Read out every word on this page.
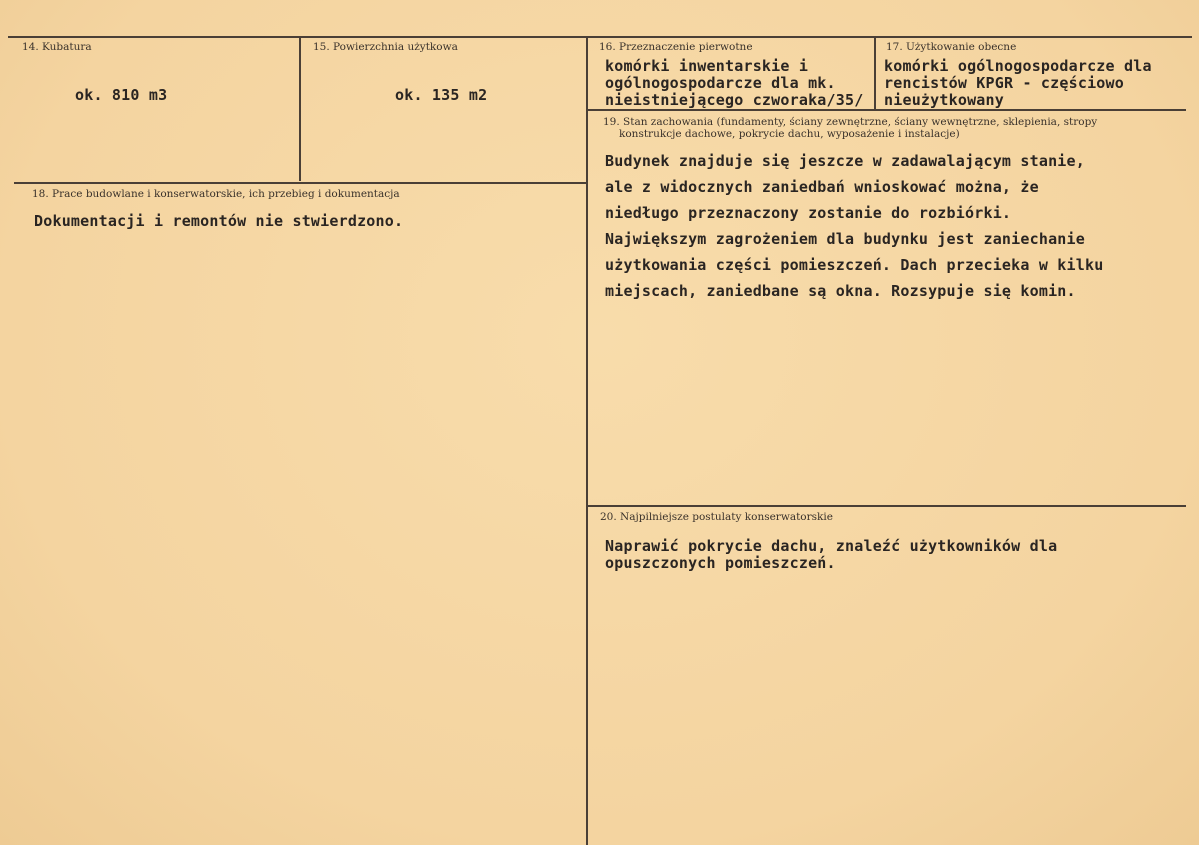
14. Kubatura
ok. 810 m3
15. Powierzchnia użytkowa
ok. 135 m2
16. Przeznaczenie pierwotne
komórki inwentarskie i
ogólnogospodarcze dla mk.
nieistniejącego czworaka/35/
17. Użytkowanie obecne
komórki ogólnogospodarcze dla
rencistów KPGR - częściowo
nieużytkowany
18. Prace budowlane i konserwatorskie, ich przebieg i dokumentacja
Dokumentacji i remontów nie stwierdzono.
19. Stan zachowania (fundamenty, ściany zewnętrzne, ściany wewnętrzne, sklepienia, stropy
konstrukcje dachowe, pokrycie dachu, wyposażenie i instalacje)
Budynek znajduje się jeszcze w zadawalającym stanie,
ale z widocznych zaniedbań wnioskować można, że
niedługo przeznaczony zostanie do rozbiórki.
Największym zagrożeniem dla budynku jest zaniechanie
użytkowania części pomieszczeń. Dach przecieka w kilku
miejscach, zaniedbane są okna. Rozsypuje się komin.
20. Najpilniejsze postulaty konserwatorskie
Naprawić pokrycie dachu, znaleźć użytkowników dla
opuszczonych pomieszczeń.
